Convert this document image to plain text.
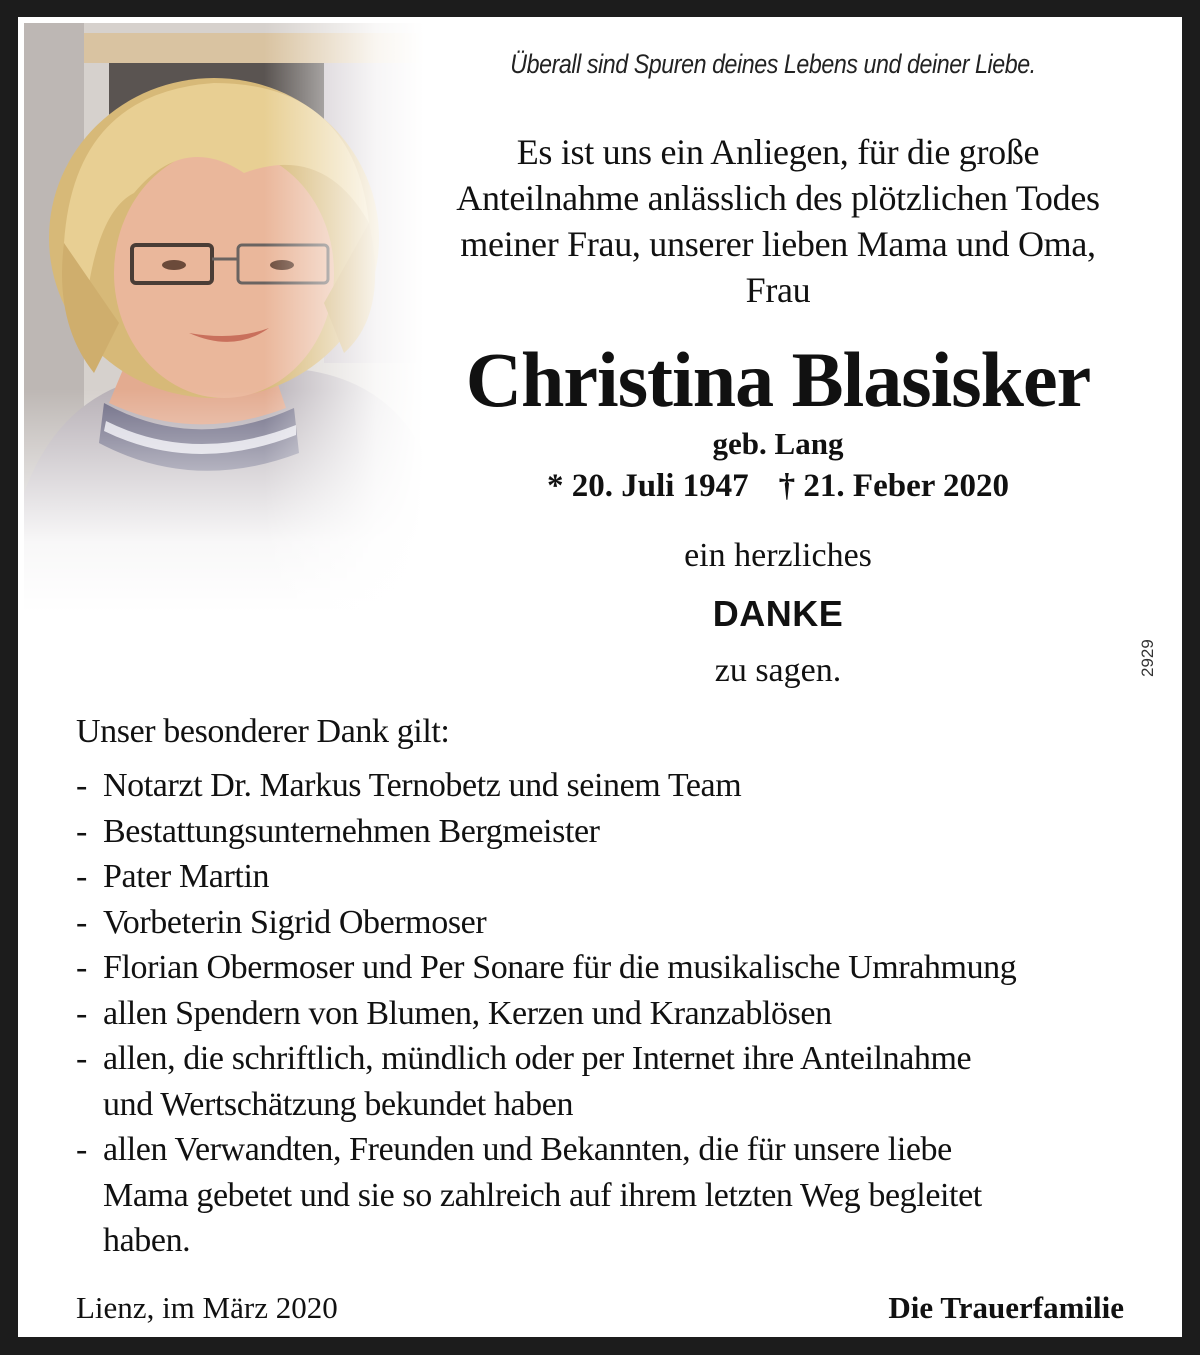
Überall sind Spuren deines Lebens und deiner Liebe.
Es ist uns ein Anliegen, für die große
Anteilnahme anlässlich des plötzlichen Todes
meiner Frau, unserer lieben Mama und Oma,
Frau
Christina Blasisker
geb. Lang
* 20. Juli 1947 † 21. Feber 2020
ein herzliches
DANKE
zu sagen.	2929
Unser besonderer Dank gilt:
- Notarzt Dr. Markus Ternobetz und seinem Team
- Bestattungsunternehmen Bergmeister
- Pater Martin
- Vorbeterin Sigrid Obermoser
- Florian Obermoser und Per Sonare für die musikalische Umrahmung
- allen Spendern von Blumen, Kerzen und Kranzablösen
- allen, die schriftlich, mündlich oder per Internet ihre Anteilnahme
und Wertschätzung bekundet haben
- allen Verwandten, Freunden und Bekannten, die für unsere liebe
Mama gebetet und sie so zahlreich auf ihrem letzten Weg begleitet
haben.
Lienz, im März 2020	Die Trauerfamilie
